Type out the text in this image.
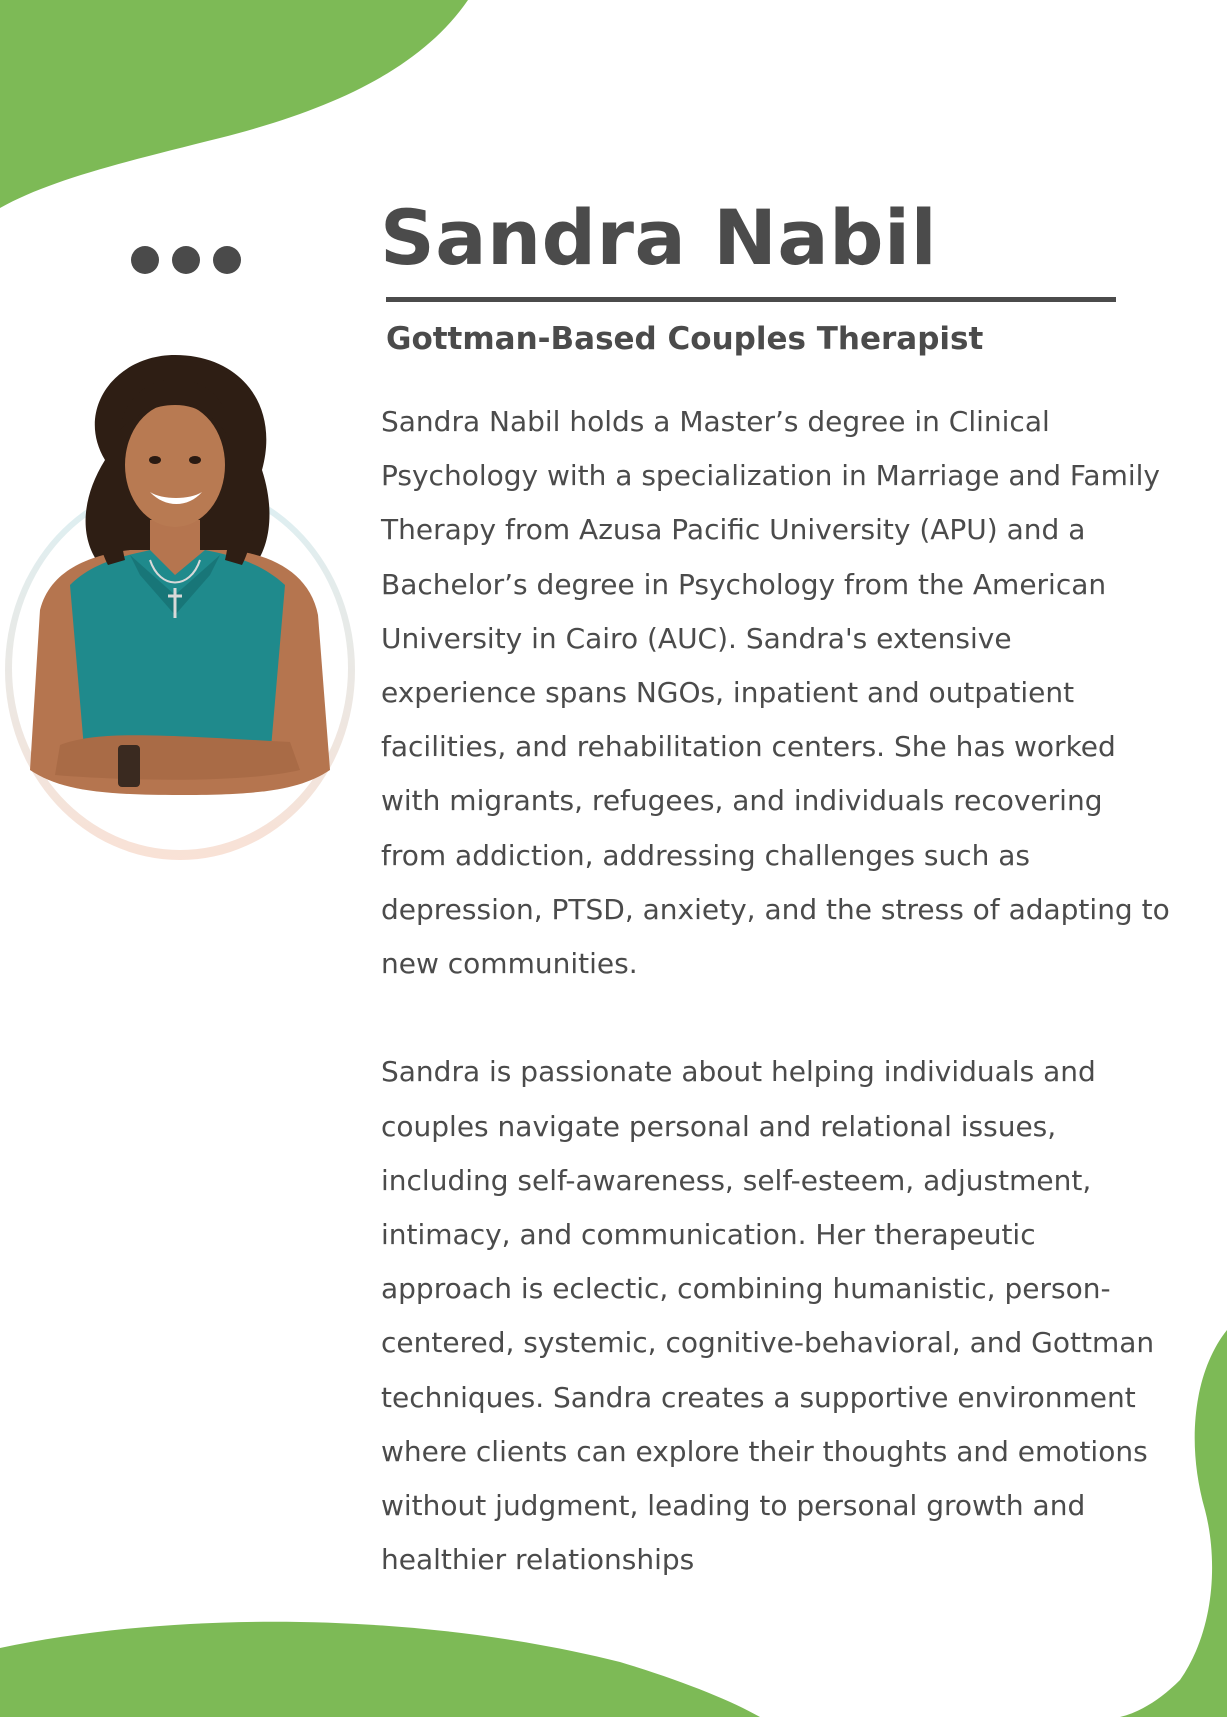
Sandra Nabil
Gottman-Based Couples Therapist

Sandra Nabil holds a Master’s degree in Clinical Psychology with a specialization in Marriage and Family Therapy from Azusa Pacific University (APU) and a Bachelor’s degree in Psychology from the American University in Cairo (AUC). Sandra's extensive experience spans NGOs, inpatient and outpatient facilities, and rehabilitation centers. She has worked with migrants, refugees, and individuals recovering from addiction, addressing challenges such as depression, PTSD, anxiety, and the stress of adapting to new communities.

Sandra is passionate about helping individuals and couples navigate personal and relational issues, including self-awareness, self-esteem, adjustment, intimacy, and communication. Her therapeutic approach is eclectic, combining humanistic, person-centered, systemic, cognitive-behavioral, and Gottman techniques. Sandra creates a supportive environment where clients can explore their thoughts and emotions without judgment, leading to personal growth and healthier relationships
